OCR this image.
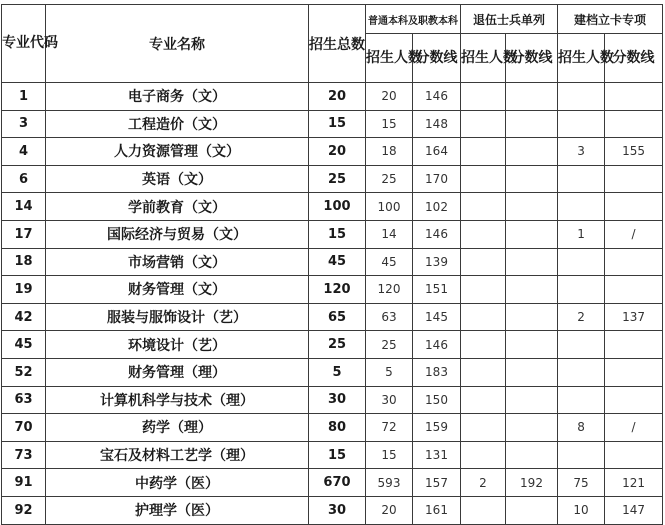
专业代码	专业名称	招生总数	普通本科及职教本科		退伍士兵单列		建档立卡专项	
			招生人数	分数线	招生人数	分数线	招生人数	分数线
1	电子商务（文）	20	20	146				
3	工程造价（文）	15	15	148				
4	人力资源管理（文）	20	18	164			3	155
6	英语（文）	25	25	170				
14	学前教育（文）	100	100	102				
17	国际经济与贸易（文）	15	14	146			1	/
18	市场营销（文）	45	45	139				
19	财务管理（文）	120	120	151				
42	服装与服饰设计（艺）	65	63	145			2	137
45	环境设计（艺）	25	25	146				
52	财务管理（理）	5	5	183				
63	计算机科学与技术（理）	30	30	150				
70	药学（理）	80	72	159			8	/
73	宝石及材料工艺学（理）	15	15	131				
91	中药学（医）	670	593	157	2	192	75	121
92	护理学（医）	30	20	161			10	147
